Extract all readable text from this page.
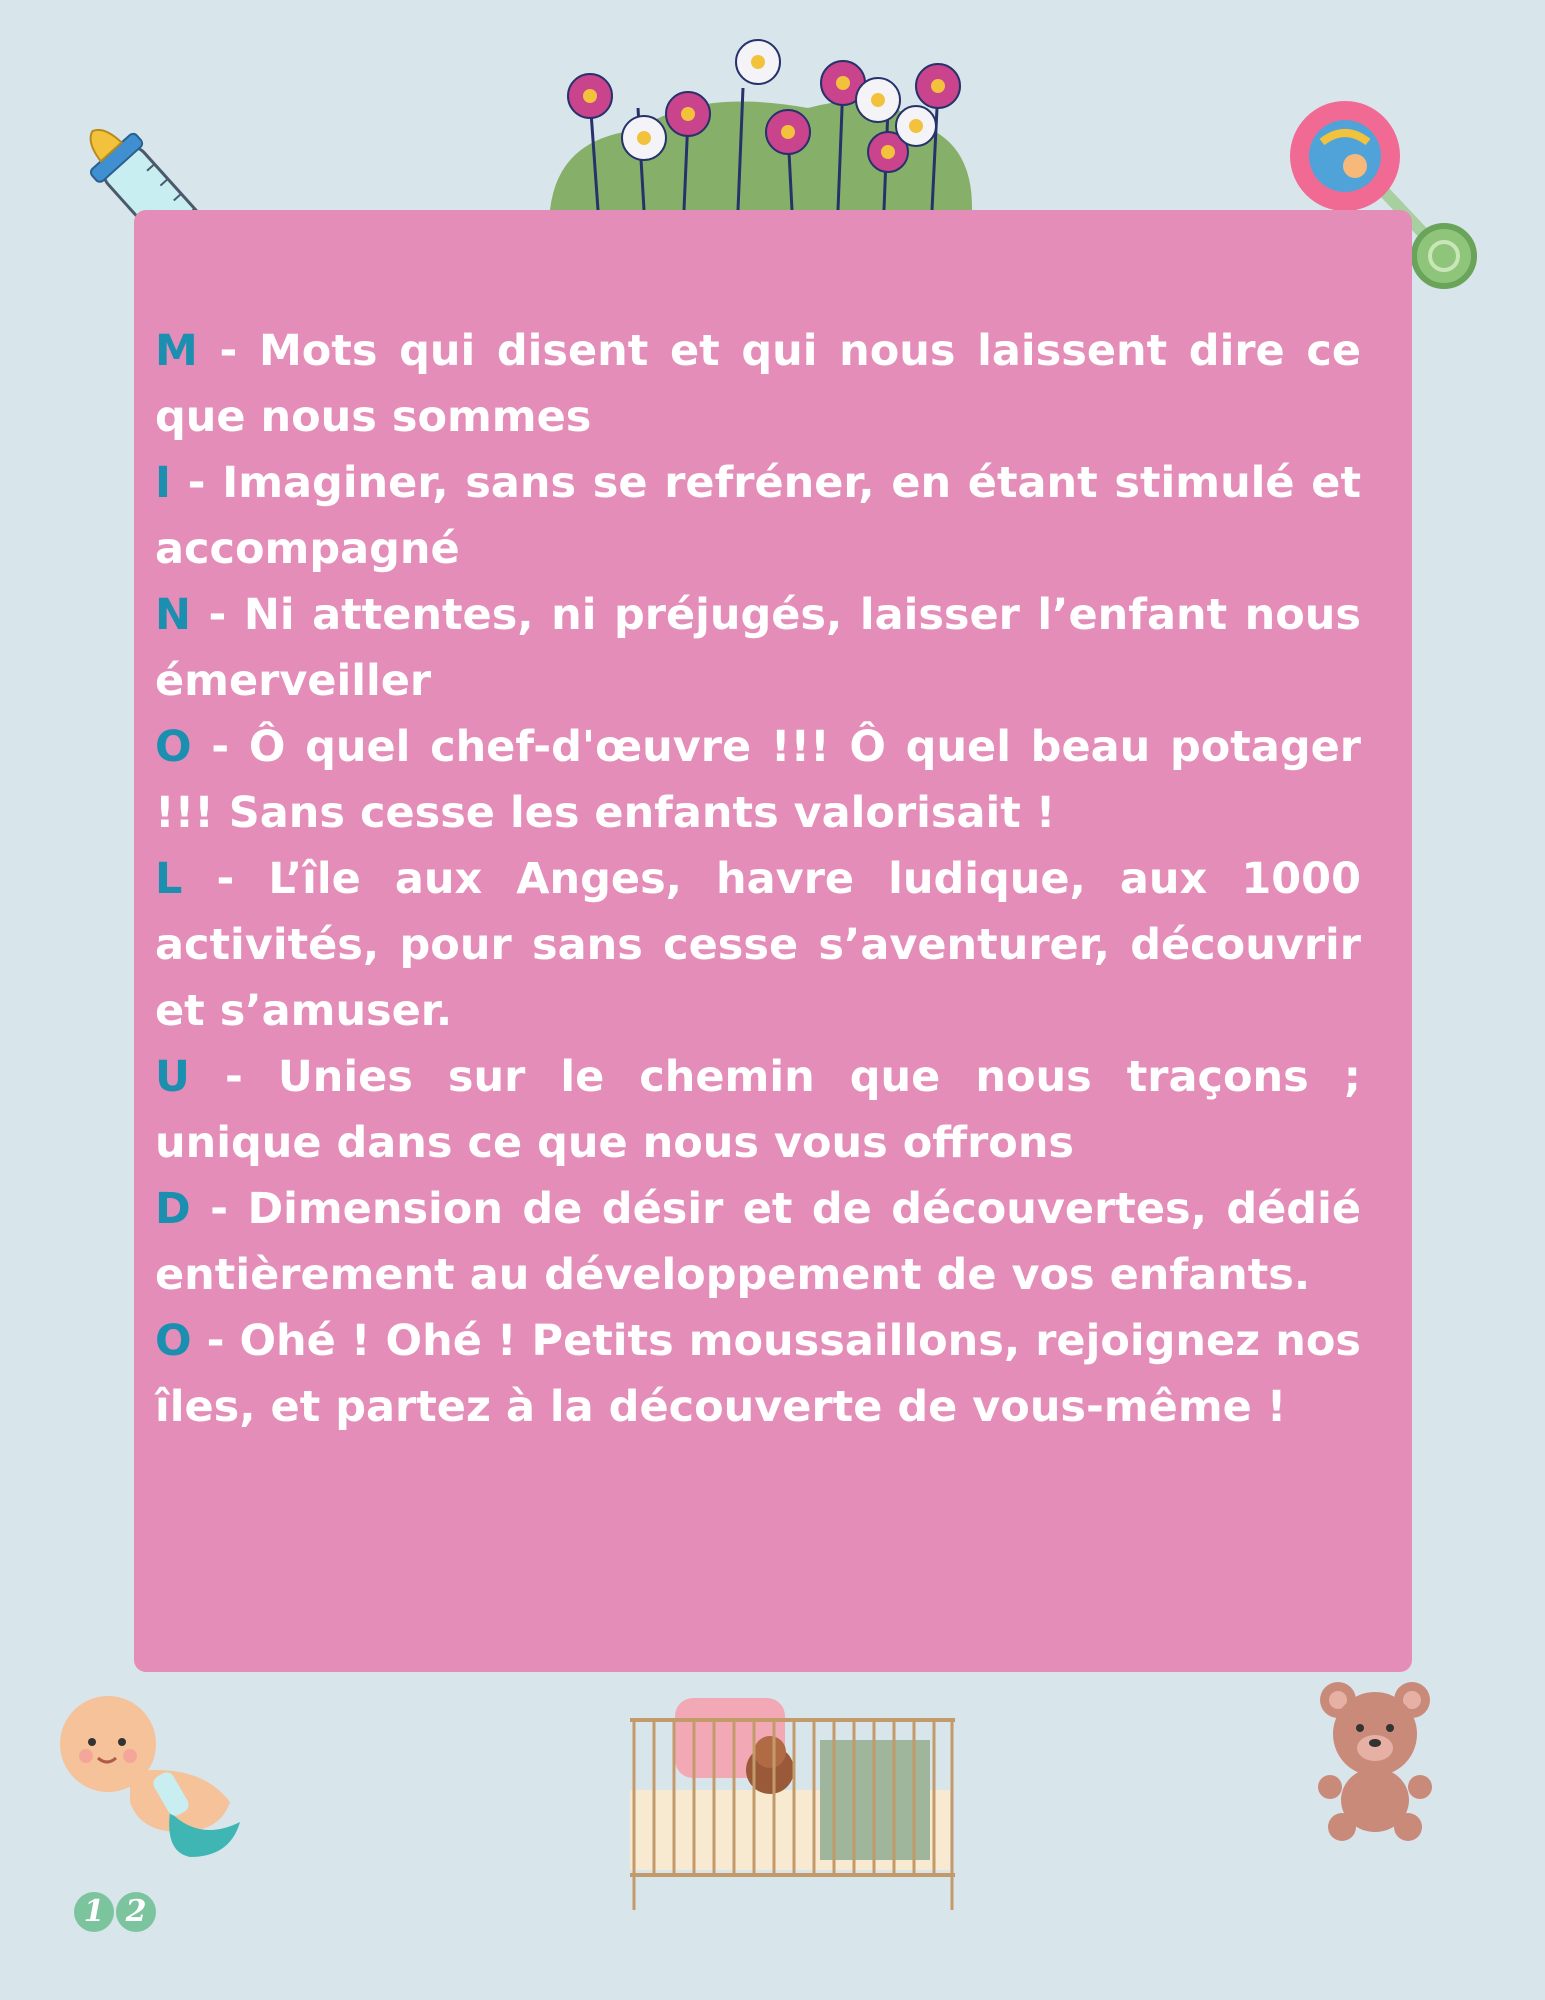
M - Mots qui disent et qui nous laissent dire ce que nous sommes
I - Imaginer, sans se refréner, en étant stimulé et accompagné
N - Ni attentes, ni préjugés, laisser l’enfant nous émerveiller
O - Ô quel chef-d'œuvre !!! Ô quel beau potager !!! Sans cesse les enfants valorisait !
L - L’île aux Anges, havre ludique, aux 1000 activités, pour sans cesse s’aventurer, découvrir et s’amuser.
U - Unies sur le chemin que nous traçons ; unique dans ce que nous vous offrons
D - Dimension de désir et de découvertes, dédié entièrement au développement de vos enfants.
O - Ohé ! Ohé ! Petits moussaillons, rejoignez nos îles, et partez à la découverte de vous-même !
1 2
